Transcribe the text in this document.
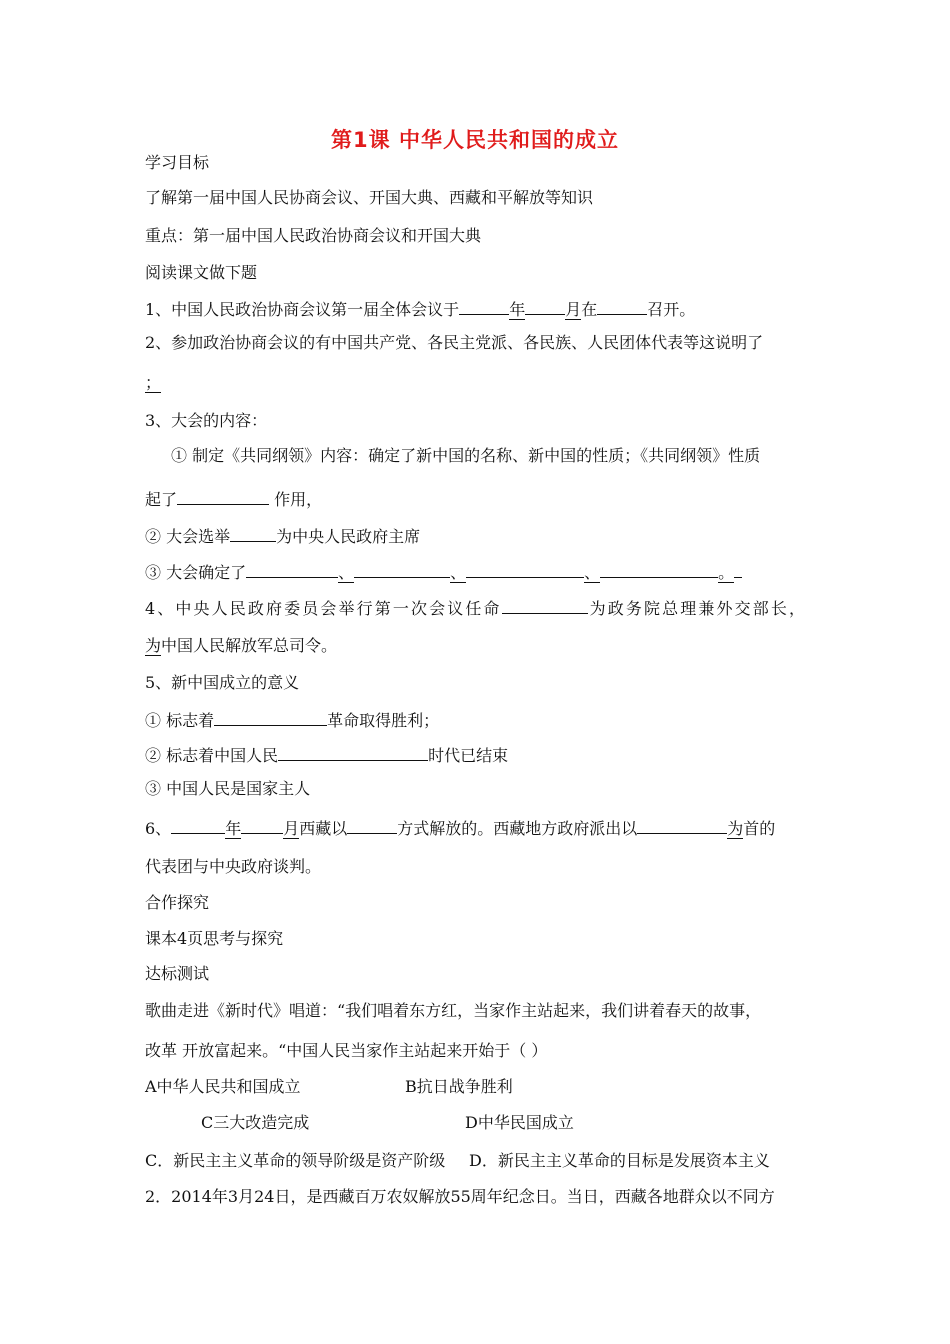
第1课 中华人民共和国的成立
学习目标
了解第一届中国人民协商会议、开国大典、西藏和平解放等知识
重点：第一届中国人民政治协商会议和开国大典
阅读课文做下题
1、中国人民政治协商会议第一届全体会议于	年	月在	召开。
2、参加政治协商会议的有中国共产党、各民主党派、各民族、人民团体代表等这说明了
；
3、大会的内容：
① 制定《共同纲领》内容：确定了新中国的名称、新中国的性质；《共同纲领》性质
起了	作用，
② 大会选举	为中央人民政府主席
③ 大会确定了	、	、	、	。
4、中央人民政府委员会举行第一次会议任命	为政务院总理兼外交部长，
为中国人民解放军总司令。
5、新中国成立的意义
① 标志着	革命取得胜利；
② 标志着中国人民	时代已结束
③ 中国人民是国家主人
6、	年	月西藏以	方式解放的。西藏地方政府派出以	为首的
代表团与中央政府谈判。
合作探究
课本4页思考与探究
达标测试
歌曲走进《新时代》唱道：“我们唱着东方红，当家作主站起来，我们讲着春天的故事，
改革 开放富起来。“中国人民当家作主站起来开始于（ ）
A中华人民共和国成立	B抗日战争胜利
C三大改造完成	D中华民国成立
C．新民主主义革命的领导阶级是资产阶级 D．新民主主义革命的目标是发展资本主义
2．2014年3月24日，是西藏百万农奴解放55周年纪念日。当日，西藏各地群众以不同方
